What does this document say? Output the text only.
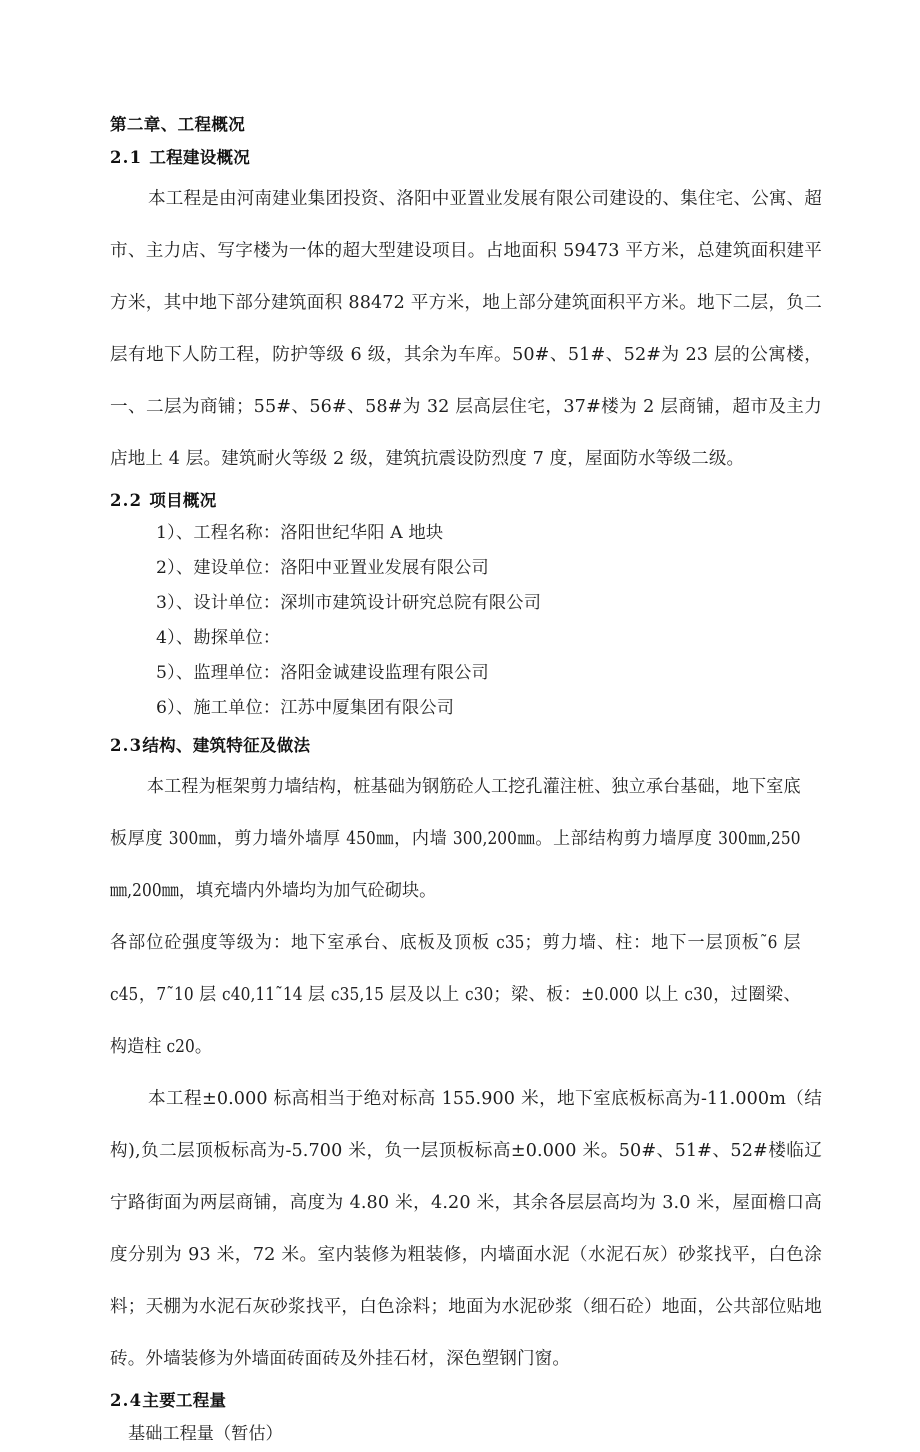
第二章、工程概况
2.1 工程建设概况

本工程是由河南建业集团投资、洛阳中亚置业发展有限公司建设的、集住宅、公寓、超市、主力店、写字楼为一体的超大型建设项目。占地面积 59473 平方米，总建筑面积建平方米，其中地下部分建筑面积 88472 平方米，地上部分建筑面积平方米。地下二层，负二层有地下人防工程，防护等级 6 级，其余为车库。50#、51#、52#为 23 层的公寓楼，一、二层为商铺；55#、56#、58#为 32 层高层住宅，37#楼为 2 层商铺，超市及主力店地上 4 层。建筑耐火等级 2 级，建筑抗震设防烈度 7 度，屋面防水等级二级。

2.2 项目概况
1）、工程名称：洛阳世纪华阳 A 地块
2）、建设单位：洛阳中亚置业发展有限公司
3）、设计单位：深圳市建筑设计研究总院有限公司
4）、勘探单位：
5）、监理单位：洛阳金诚建设监理有限公司
6）、施工单位：江苏中厦集团有限公司
2.3结构、建筑特征及做法

本工程为框架剪力墙结构，桩基础为钢筋砼人工挖孔灌注桩、独立承台基础，地下室底板厚度 300㎜，剪力墙外墙厚 450㎜，内墙 300,200㎜。上部结构剪力墙厚度 300㎜,250㎜,200㎜，填充墙内外墙均为加气砼砌块。

各部位砼强度等级为：地下室承台、底板及顶板 c35；剪力墙、柱：地下一层顶板˜6 层 c45，7˜10 层 c40,11˜14 层 c35,15 层及以上 c30；梁、板：±0.000 以上 c30，过圈梁、构造柱 c20。

本工程±0.000 标高相当于绝对标高 155.900 米，地下室底板标高为-11.000m（结构),负二层顶板标高为-5.700 米，负一层顶板标高±0.000 米。50#、51#、52#楼临辽宁路街面为两层商铺，高度为 4.80 米，4.20 米，其余各层层高均为 3.0 米，屋面檐口高度分别为 93 米，72 米。室内装修为粗装修，内墙面水泥（水泥石灰）砂浆找平，白色涂料；天棚为水泥石灰砂浆找平，白色涂料；地面为水泥砂浆（细石砼）地面，公共部位贴地砖。外墙装修为外墙面砖面砖及外挂石材，深色塑钢门窗。

2.4主要工程量

基础工程量（暂估）
